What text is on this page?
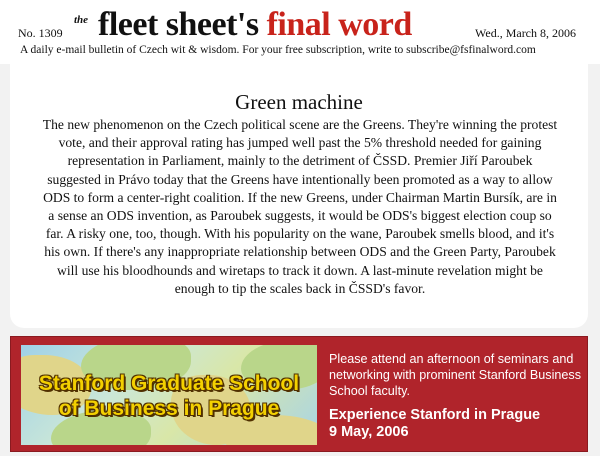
No. 1309
the fleet sheet's final word	Wed., March 8, 2006
A daily e-mail bulletin of Czech wit & wisdom. For your free subscription, write to subscribe@fsfinalword.com
Green machine

The new phenomenon on the Czech political scene are the Greens. They're winning the protest vote, and their approval rating has jumped well past the 5% threshold needed for gaining representation in Parliament, mainly to the detriment of ČSSD. Premier Jiří Paroubek suggested in Právo today that the Greens have intentionally been promoted as a way to allow ODS to form a center-right coalition. If the new Greens, under Chairman Martin Bursík, are in a sense an ODS invention, as Paroubek suggests, it would be ODS's biggest election coup so far. A risky one, too, though. With his popularity on the wane, Paroubek smells blood, and it's his own. If there's any inappropriate relationship between ODS and the Green Party, Paroubek will use his bloodhounds and wiretaps to track it down. A last-minute revelation might be enough to tip the scales back in ČSSD's favor.

Stanford Graduate School
of Business in Prague
Please attend an afternoon of seminars and networking with prominent Stanford Business School faculty.
Experience Stanford in Prague
9 May, 2006
